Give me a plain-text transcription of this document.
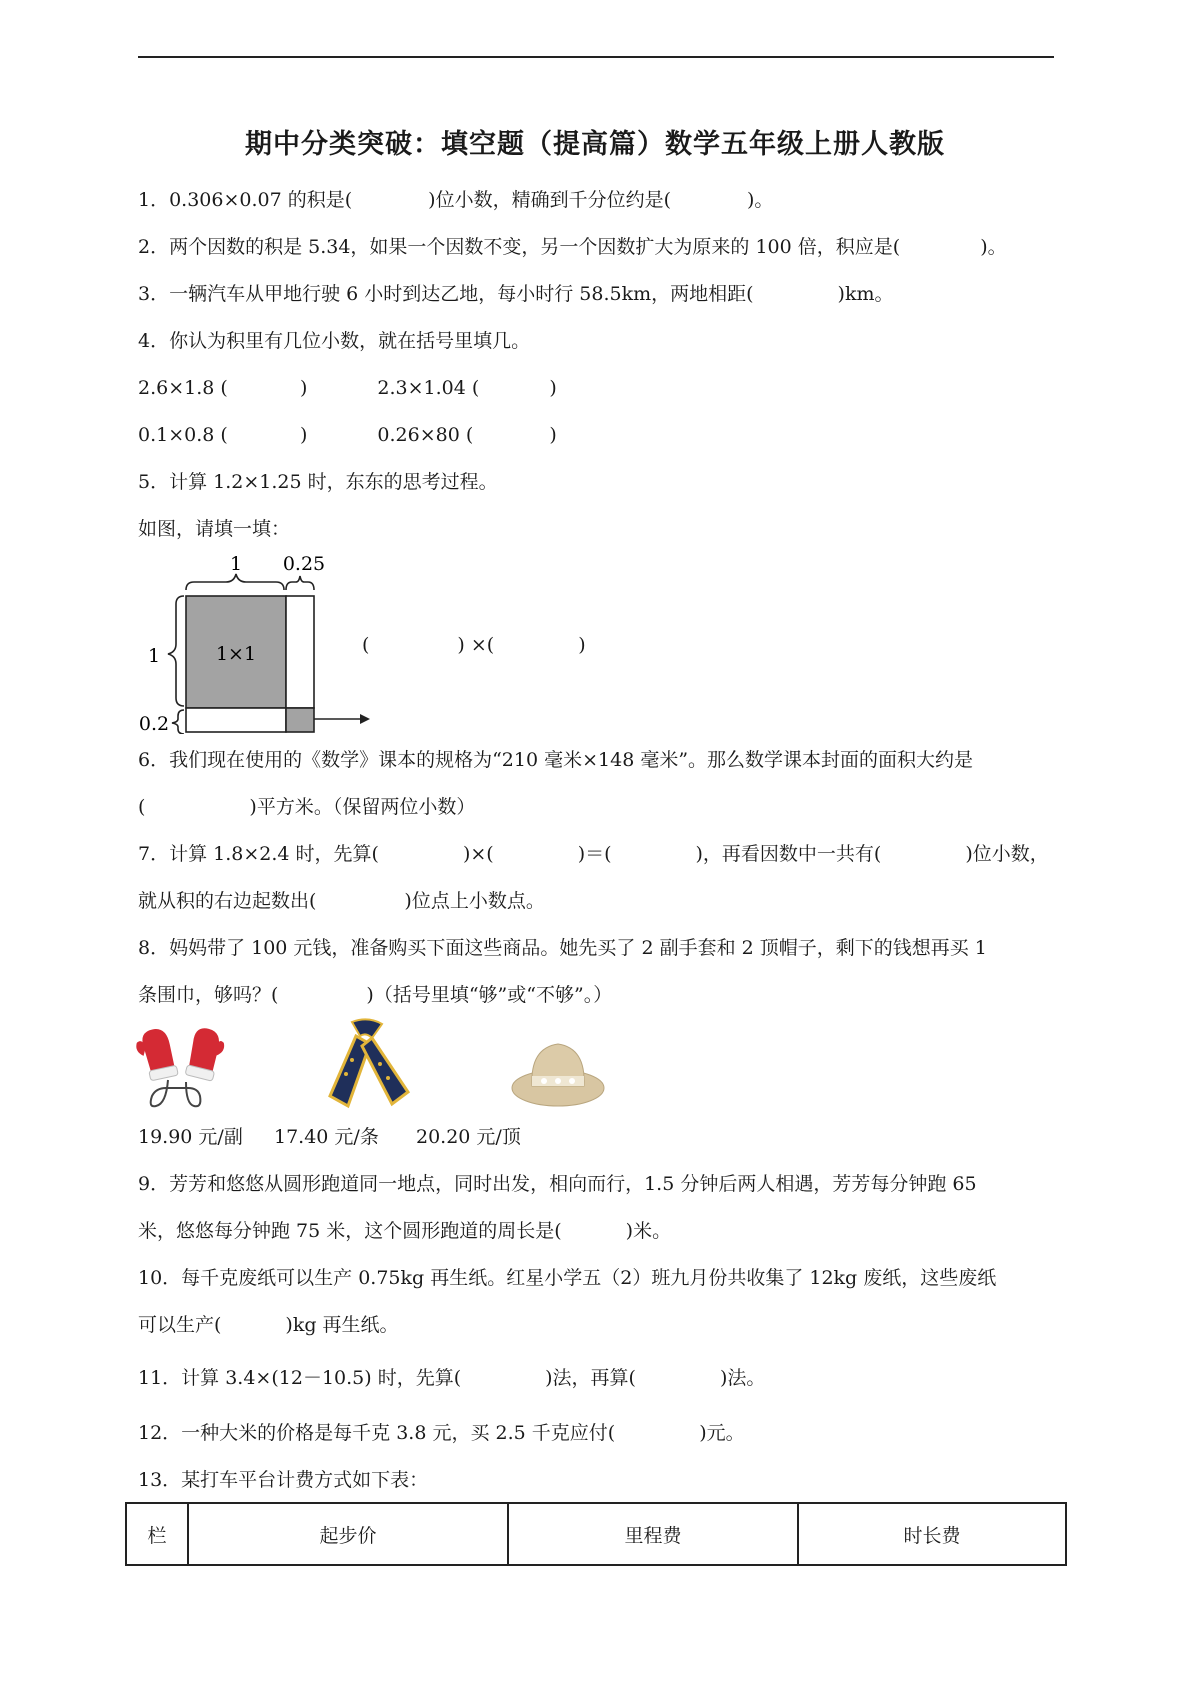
期中分类突破：填空题（提高篇）数学五年级上册人教版
1．0.306×0.07 的积是(	)位小数，精确到千分位约是(	)。
2．两个因数的积是 5.34，如果一个因数不变，另一个因数扩大为原来的 100 倍，积应是(	)。
3．一辆汽车从甲地行驶 6 小时到达乙地，每小时行 58.5km，两地相距(	)km。
4．你认为积里有几位小数，就在括号里填几。
2.6×1.8 (	)	2.3×1.04 (	)
0.1×0.8 (	)	0.26×80 (	)
5．计算 1.2×1.25 时，东东的思考过程。
如图，请填一填：
1 0.25
1
0.2
1×1	(	) ×(	)
6．我们现在使用的《数学》课本的规格为“210 毫米×148 毫米”。那么数学课本封面的面积大约是
(	)平方米。（保留两位小数）
7．计算 1.8×2.4 时，先算(	)×(	)＝(	)，再看因数中一共有(	)位小数，
就从积的右边起数出(	)位点上小数点。
8．妈妈带了 100 元钱，准备购买下面这些商品。她先买了 2 副手套和 2 顶帽子，剩下的钱想再买 1
条围巾，够吗？(	)（括号里填“够”或“不够”。）
19.90 元/副 17.40 元/条 20.20 元/顶
9．芳芳和悠悠从圆形跑道同一地点，同时出发，相向而行，1.5 分钟后两人相遇，芳芳每分钟跑 65
米，悠悠每分钟跑 75 米，这个圆形跑道的周长是(	)米。
10．每千克废纸可以生产 0.75kg 再生纸。红星小学五（2）班九月份共收集了 12kg 废纸，这些废纸
可以生产(	)kg 再生纸。
11．计算 3.4×(12－10.5) 时，先算(	)法，再算(	)法。
12．一种大米的价格是每千克 3.8 元，买 2.5 千克应付(	)元。
13．某打车平台计费方式如下表：
栏	起步价	里程费	时长费
